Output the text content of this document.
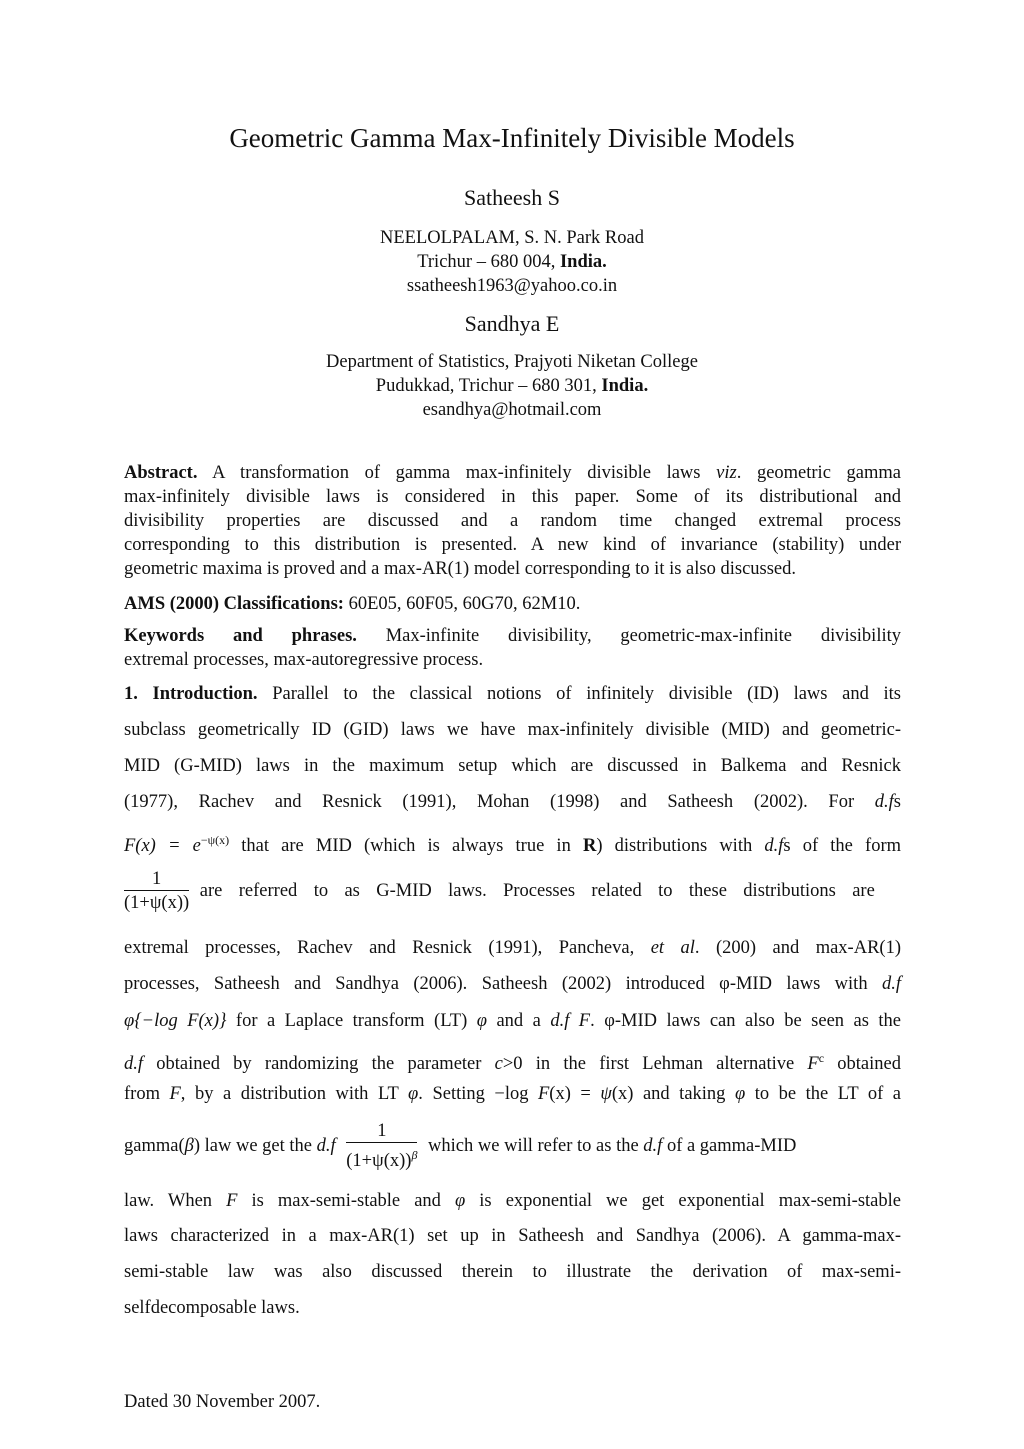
Geometric Gamma Max-Infinitely Divisible Models
Satheesh S
NEELOLPALAM, S. N. Park Road
Trichur – 680 004, India.
ssatheesh1963@yahoo.co.in
Sandhya E
Department of Statistics, Prajyoti Niketan College
Pudukkad, Trichur – 680 301, India.
esandhya@hotmail.com
Abstract. A transformation of gamma max-infinitely divisible laws viz. geometric gamma
max-infinitely divisible laws is considered in this paper. Some of its distributional and
divisibility properties are discussed and a random time changed extremal process
corresponding to this distribution is presented. A new kind of invariance (stability) under
geometric maxima is proved and a max-AR(1) model corresponding to it is also discussed.
AMS (2000) Classifications: 60E05, 60F05, 60G70, 62M10.
Keywords and phrases. Max-infinite divisibility, geometric-max-infinite divisibility
extremal processes, max-autoregressive process.
1. Introduction. Parallel to the classical notions of infinitely divisible (ID) laws and its
subclass geometrically ID (GID) laws we have max-infinitely divisible (MID) and geometric-
MID (G-MID) laws in the maximum setup which are discussed in Balkema and Resnick
(1977), Rachev and Resnick (1991), Mohan (1998) and Satheesh (2002). For d.fs
$F(x) = e^{-\psi(x)}$ that are MID (which is always true in R) distributions with d.fs of the form
$\frac{1}{(1+\psi(x))}$ are referred to as G-MID laws. Processes related to these distributions are
extremal processes, Rachev and Resnick (1991), Pancheva, et al. (200) and max-AR(1)
processes, Satheesh and Sandhya (2006). Satheesh (2002) introduced φ-MID laws with d.f
φ{−log F(x)} for a Laplace transform (LT) φ and a d.f F. φ-MID laws can also be seen as the
d.f obtained by randomizing the parameter c>0 in the first Lehman alternative $F^c$ obtained
from F, by a distribution with LT φ. Setting −log F(x) = ψ(x) and taking φ to be the LT of a
gamma(β) law we get the $d.f \frac{1}{(1+\psi(x))^\beta}$ which we will refer to as the d.f of a gamma-MID
law. When F is max-semi-stable and φ is exponential we get exponential max-semi-stable
laws characterized in a max-AR(1) set up in Satheesh and Sandhya (2006). A gamma-max-
semi-stable law was also discussed therein to illustrate the derivation of max-semi-
selfdecomposable laws.
Dated 30 November 2007.
